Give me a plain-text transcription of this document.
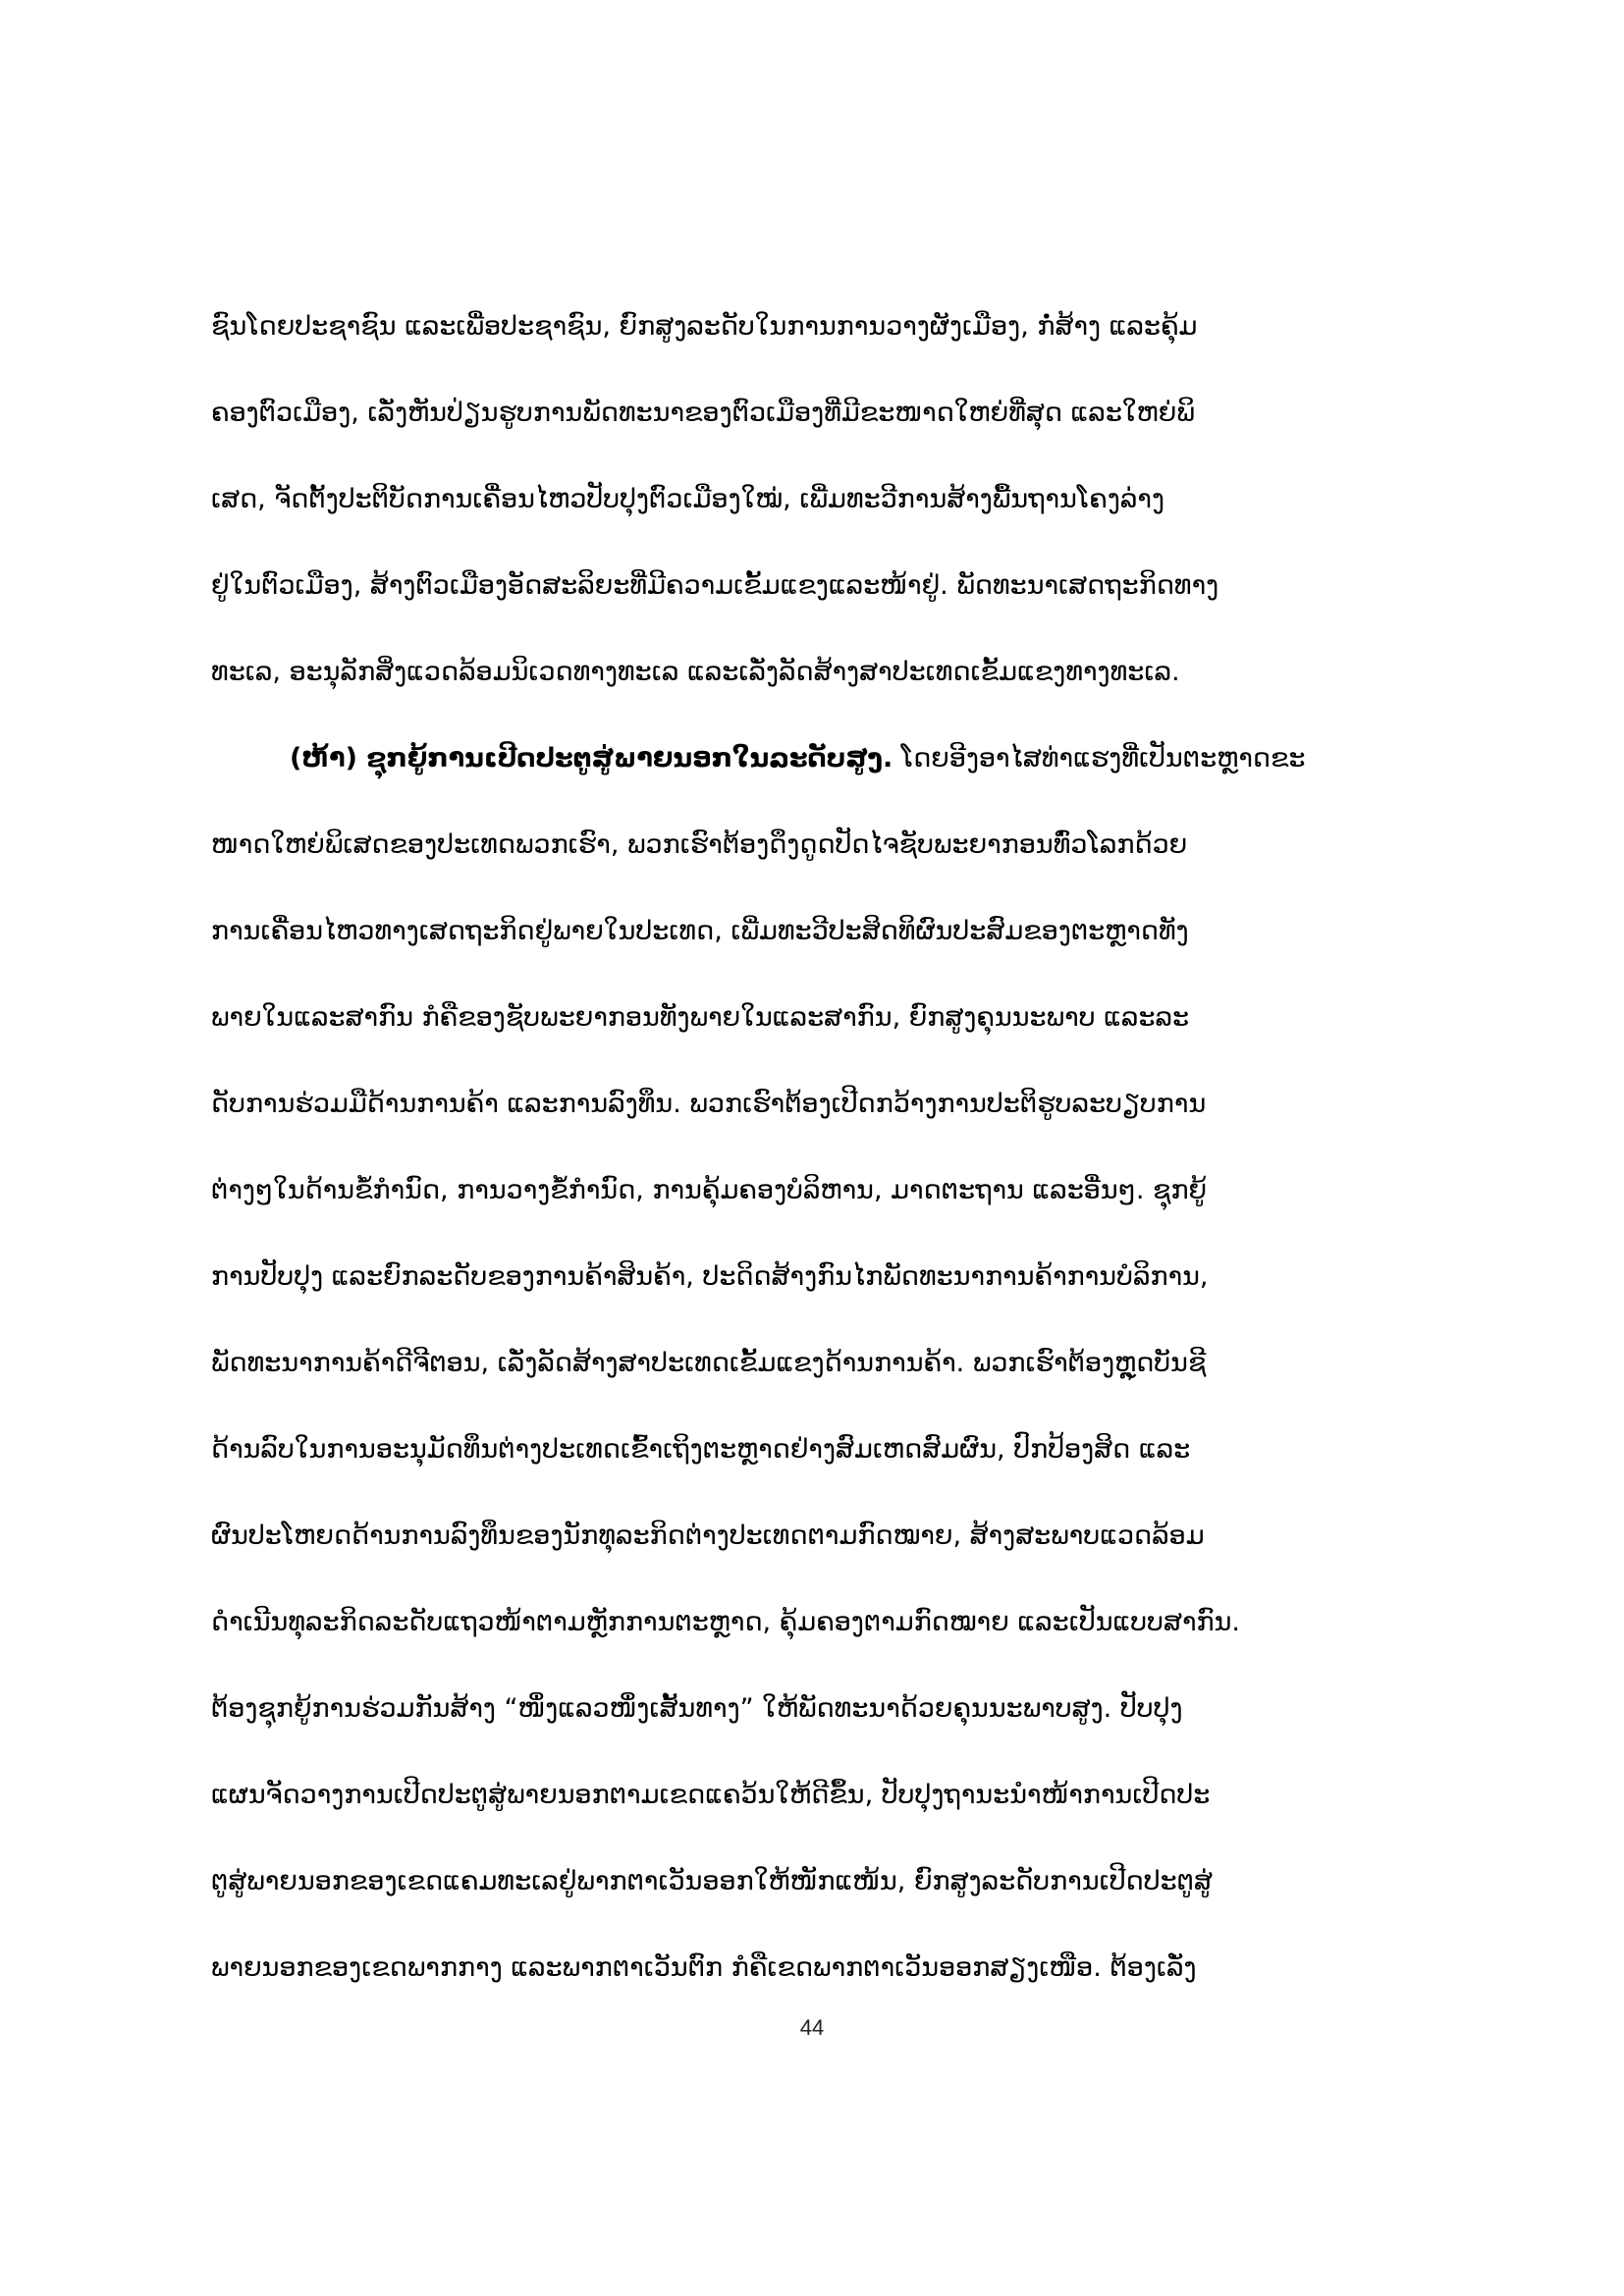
ຊົນໂດຍປະຊາຊົນ ແລະເພື່ອປະຊາຊົນ, ຍົກສູງລະດັບໃນການການວາງຜັງເມືອງ, ກໍ່ສ້າງ ແລະຄຸ້ມ
ຄອງຕົວເມືອງ, ເລັ່ງຫັນປ່ຽນຮູບການພັດທະນາຂອງຕົວເມືອງທີ່ມີຂະໜາດໃຫຍ່ທີ່ສຸດ ແລະໃຫຍ່ພິ
ເສດ, ຈັດຕັ້ງປະຕິບັດການເຄື່ອນໄຫວປັບປຸງຕົວເມືອງໃໝ່, ເພີ່ມທະວີການສ້າງພື້ນຖານໂຄງລ່າງ
ຢູ່ໃນຕົວເມືອງ, ສ້າງຕົວເມືອງອັດສະລິຍະທີ່ມີຄວາມເຂັ້ມແຂງແລະໜ້າຢູ່. ພັດທະນາເສດຖະກິດທາງ
ທະເລ, ອະນຸລັກສິ່ງແວດລ້ອມນິເວດທາງທະເລ ແລະເລັ່ງລັດສ້າງສາປະເທດເຂັ້ມແຂງທາງທະເລ.
(ຫ້າ) ຊຸກຍູ້ການເປີດປະຕູສູ່ພາຍນອກໃນລະດັບສູງ. ໂດຍອີງອາໄສທ່າແຮງທີ່ເປັນຕະຫຼາດຂະ
ໜາດໃຫຍ່ພິເສດຂອງປະເທດພວກເຮົາ, ພວກເຮົາຕ້ອງດຶງດູດປັດໄຈຊັບພະຍາກອນທົ່ວໂລກດ້ວຍ
ການເຄື່ອນໄຫວທາງເສດຖະກິດຢູ່ພາຍໃນປະເທດ, ເພີ່ມທະວີປະສິດທິຜົນປະສົມຂອງຕະຫຼາດທັງ
ພາຍໃນແລະສາກົນ ກໍຄືຂອງຊັບພະຍາກອນທັງພາຍໃນແລະສາກົນ, ຍົກສູງຄຸນນະພາບ ແລະລະ
ດັບການຮ່ວມມືດ້ານການຄ້າ ແລະການລົງທຶນ. ພວກເຮົາຕ້ອງເປີດກວ້າງການປະຕິຮູບລະບຽບການ
ຕ່າງໆໃນດ້ານຂໍ້ກຳນົດ, ການວາງຂໍ້ກຳນົດ, ການຄຸ້ມຄອງບໍລິຫານ, ມາດຕະຖານ ແລະອື່ນໆ. ຊຸກຍູ້
ການປັບປຸງ ແລະຍົກລະດັບຂອງການຄ້າສິນຄ້າ, ປະດິດສ້າງກົນໄກພັດທະນາການຄ້າການບໍລິການ,
ພັດທະນາການຄ້າດີຈີຕອນ, ເລັ່ງລັດສ້າງສາປະເທດເຂັ້ມແຂງດ້ານການຄ້າ. ພວກເຮົາຕ້ອງຫຼຸດບັນຊີ
ດ້ານລົບໃນການອະນຸມັດທຶນຕ່າງປະເທດເຂົ້າເຖິງຕະຫຼາດຢ່າງສົມເຫດສົມຜົນ, ປົກປ້ອງສິດ ແລະ
ຜົນປະໂຫຍດດ້ານການລົງທຶນຂອງນັກທຸລະກິດຕ່າງປະເທດຕາມກົດໝາຍ, ສ້າງສະພາບແວດລ້ອມ
ດຳເນີນທຸລະກິດລະດັບແຖວໜ້າຕາມຫຼັກການຕະຫຼາດ, ຄຸ້ມຄອງຕາມກົດໝາຍ ແລະເປັນແບບສາກົນ.
ຕ້ອງຊຸກຍູ້ການຮ່ວມກັນສ້າງ “ໜຶ່ງແລວໜຶ່ງເສັ້ນທາງ” ໃຫ້ພັດທະນາດ້ວຍຄຸນນະພາບສູງ. ປັບປຸງ
ແຜນຈັດວາງການເປີດປະຕູສູ່ພາຍນອກຕາມເຂດແຄວ້ນໃຫ້ດີຂຶ້ນ, ປັບປຸງຖານະນຳໜ້າການເປີດປະ
ຕູສູ່ພາຍນອກຂອງເຂດແຄມທະເລຢູ່ພາກຕາເວັນອອກໃຫ້ໜັກແໜ້ນ, ຍົກສູງລະດັບການເປີດປະຕູສູ່
ພາຍນອກຂອງເຂດພາກກາງ ແລະພາກຕາເວັນຕົກ ກໍຄືເຂດພາກຕາເວັນອອກສຽງເໜືອ. ຕ້ອງເລັ່ງ
44
